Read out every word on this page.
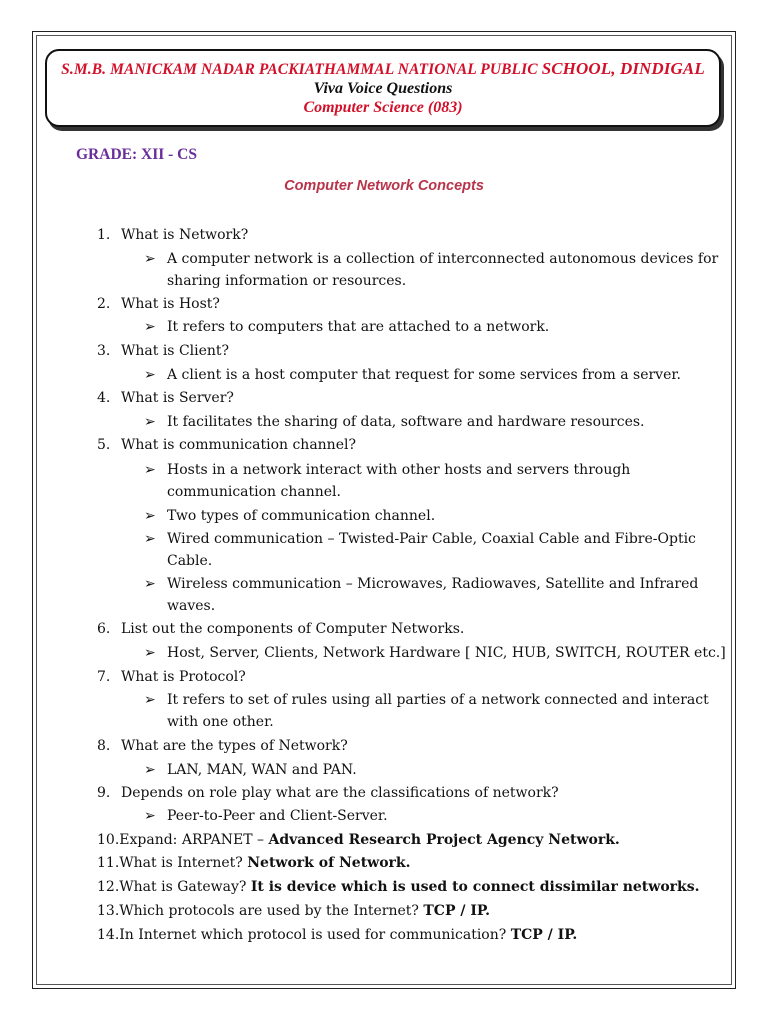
S.M.B. MANICKAM NADAR PACKIATHAMMAL NATIONAL PUBLIC SCHOOL, DINDIGAL
Viva Voice Questions
Computer Science (083)
GRADE: XII - CS
Computer Network Concepts
1. What is Network?
➢ A computer network is a collection of interconnected autonomous devices for sharing information or resources.
2. What is Host?
➢ It refers to computers that are attached to a network.
3. What is Client?
➢ A client is a host computer that request for some services from a server.
4. What is Server?
➢ It facilitates the sharing of data, software and hardware resources.
5. What is communication channel?
➢ Hosts in a network interact with other hosts and servers through communication channel.
➢ Two types of communication channel.
➢ Wired communication – Twisted-Pair Cable, Coaxial Cable and Fibre-Optic Cable.
➢ Wireless communication – Microwaves, Radiowaves, Satellite and Infrared waves.
6. List out the components of Computer Networks.
➢ Host, Server, Clients, Network Hardware [ NIC, HUB, SWITCH, ROUTER etc.]
7. What is Protocol?
➢ It refers to set of rules using all parties of a network connected and interact with one other.
8. What are the types of Network?
➢ LAN, MAN, WAN and PAN.
9. Depends on role play what are the classifications of network?
➢ Peer-to-Peer and Client-Server.
10.Expand: ARPANET – Advanced Research Project Agency Network.
11.What is Internet? Network of Network.
12.What is Gateway? It is device which is used to connect dissimilar networks.
13.Which protocols are used by the Internet? TCP / IP.
14.In Internet which protocol is used for communication? TCP / IP.
